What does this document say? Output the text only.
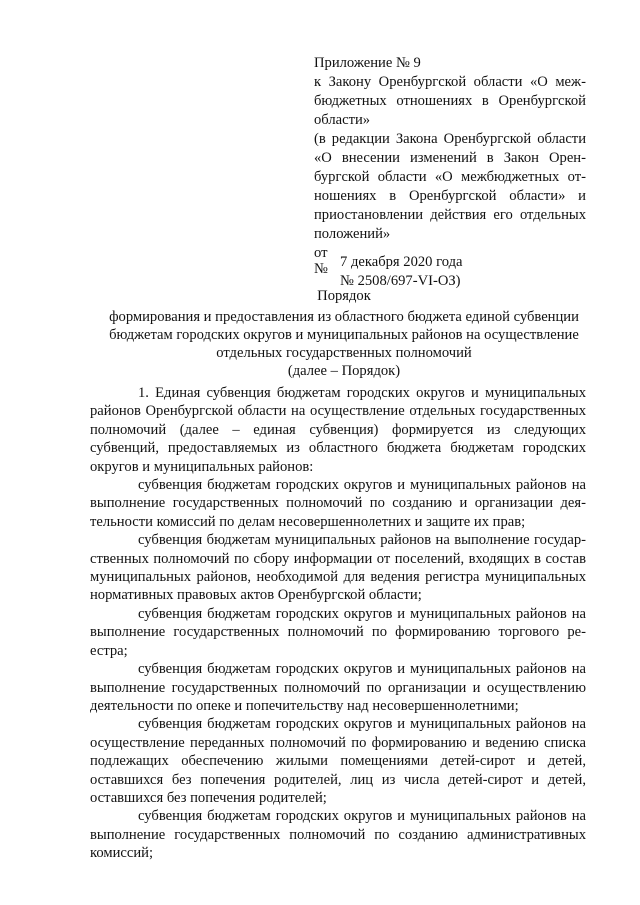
Приложение № 9
к Закону Оренбургской области «О межбюджетных отношениях в Оренбургской области»
(в редакции Закона Оренбургской области «О внесении изменений в Закон Оренбургской области «О межбюджетных отношениях в Оренбургской области» и приостановлении действия его отдельных положений»
от
№ 7 декабря 2020 года
№ 2508/697-VI-ОЗ)
Порядок
формирования и предоставления из областного бюджета единой субвенции
бюджетам городских округов и муниципальных районов на осуществление
отдельных государственных полномочий
(далее – Порядок)

1. Единая субвенция бюджетам городских округов и муниципальных районов Оренбургской области на осуществление отдельных государственных полномочий (далее – единая субвенция) формируется из следующих субвенций, предоставляемых из областного бюджета бюджетам городских округов и муниципальных районов:

субвенция бюджетам городских округов и муниципальных районов на выполнение государственных полномочий по созданию и организации деятельности комиссий по делам несовершеннолетних и защите их прав;

субвенция бюджетам муниципальных районов на выполнение государственных полномочий по сбору информации от поселений, входящих в состав муниципальных районов, необходимой для ведения регистра муниципальных нормативных правовых актов Оренбургской области;

субвенция бюджетам городских округов и муниципальных районов на выполнение государственных полномочий по формированию торгового реестра;

субвенция бюджетам городских округов и муниципальных районов на выполнение государственных полномочий по организации и осуществлению деятельности по опеке и попечительству над несовершеннолетними;

субвенция бюджетам городских округов и муниципальных районов на осуществление переданных полномочий по формированию и ведению списка подлежащих обеспечению жилыми помещениями детей-сирот и детей, оставшихся без попечения родителей, лиц из числа детей-сирот и детей, оставшихся без попечения родителей;

субвенция бюджетам городских округов и муниципальных районов на выполнение государственных полномочий по созданию административных комиссий;
